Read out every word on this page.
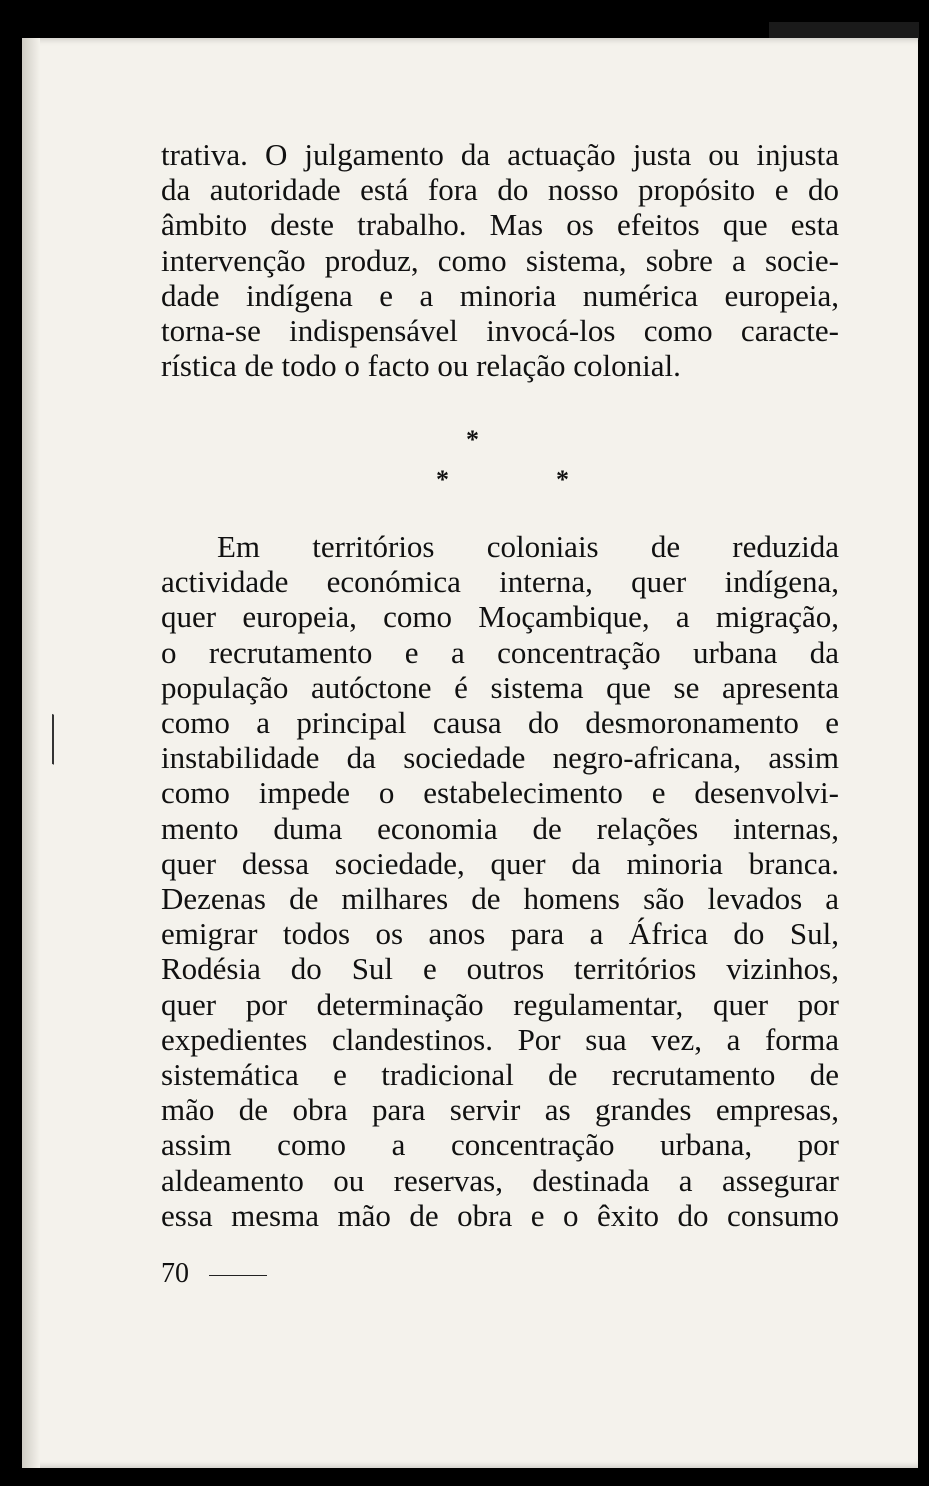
trativa. O julgamento da actuação justa ou injusta
da autoridade está fora do nosso propósito e do
âmbito deste trabalho. Mas os efeitos que esta
intervenção produz, como sistema, sobre a socie-
dade indígena e a minoria numérica europeia,
torna-se indispensável invocá-los como caracte-
rística de todo o facto ou relação colonial.
*
*	*
Em territórios coloniais de reduzida
actividade económica interna, quer indígena,
quer europeia, como Moçambique, a migração,
o recrutamento e a concentração urbana da
população autóctone é sistema que se apresenta
como a principal causa do desmoronamento e
instabilidade da sociedade negro-africana, assim
como impede o estabelecimento e desenvolvi-
mento duma economia de relações internas,
quer dessa sociedade, quer da minoria branca.
Dezenas de milhares de homens são levados a
emigrar todos os anos para a África do Sul,
Rodésia do Sul e outros territórios vizinhos,
quer por determinação regulamentar, quer por
expedientes clandestinos. Por sua vez, a forma
sistemática e tradicional de recrutamento de
mão de obra para servir as grandes empresas,
assim como a concentração urbana, por
aldeamento ou reservas, destinada a assegurar
essa mesma mão de obra e o êxito do consumo
70
